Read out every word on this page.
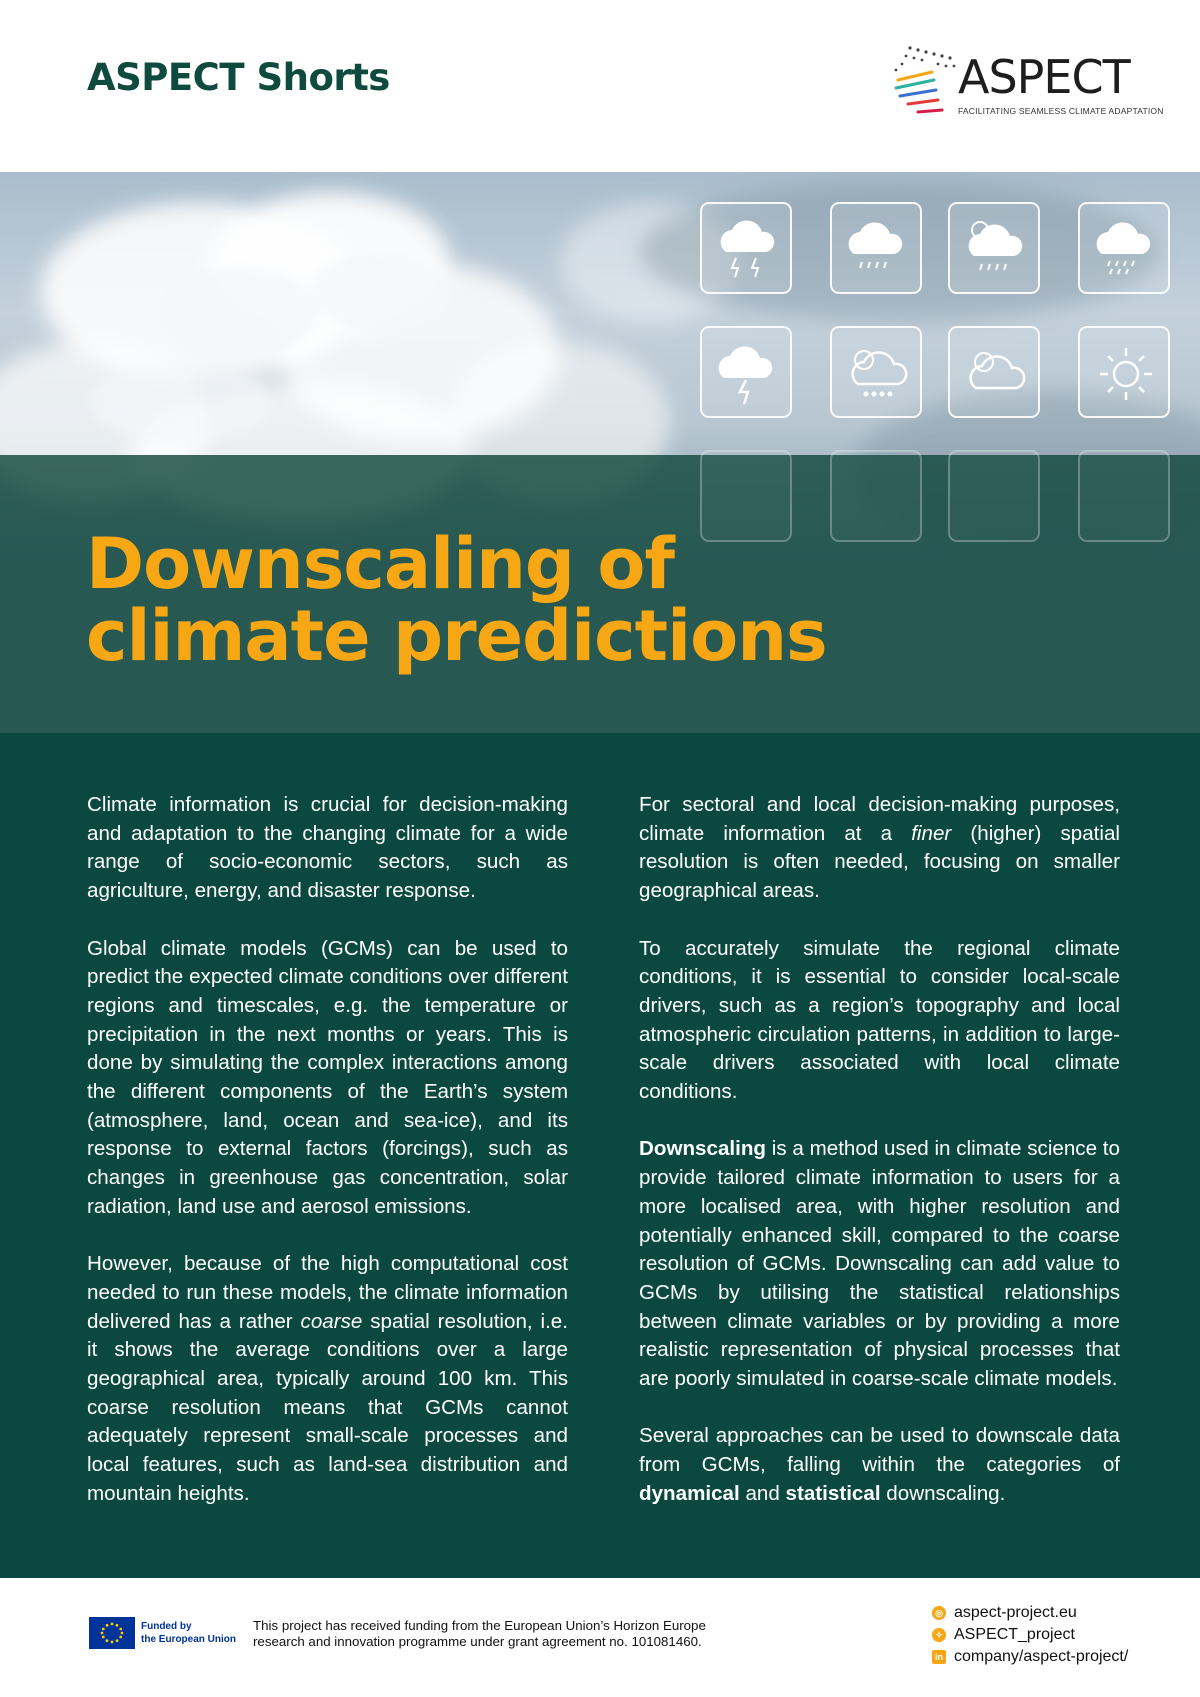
ASPECT Shorts	ASPECT
FACILITATING SEAMLESS CLIMATE ADAPTATION
Downscaling of
climate predictions

Climate information is crucial for decision-making and adaptation to the changing climate for a wide range of socio-economic sectors, such as agriculture, energy, and disaster response.

Global climate models (GCMs) can be used to predict the expected climate conditions over different regions and timescales, e.g. the temperature or precipitation in the next months or years. This is done by simulating the complex interactions among the different components of the Earth’s system (atmosphere, land, ocean and sea-ice), and its response to external factors (forcings), such as changes in greenhouse gas concentration, solar radiation, land use and aerosol emissions.

However, because of the high computational cost needed to run these models, the climate information delivered has a rather coarse spatial resolution, i.e. it shows the average conditions over a large geographical area, typically around 100 km. This coarse resolution means that GCMs cannot adequately represent small-scale processes and local features, such as land-sea distribution and mountain heights.

For sectoral and local decision-making purposes, climate information at a finer (higher) spatial resolution is often needed, focusing on smaller geographical areas.

To accurately simulate the regional climate conditions, it is essential to consider local-scale drivers, such as a region’s topography and local atmospheric circulation patterns, in addition to large-scale drivers associated with local climate conditions.

Downscaling is a method used in climate science to provide tailored climate information to users for a more localised area, with higher resolution and potentially enhanced skill, compared to the coarse resolution of GCMs. Downscaling can add value to GCMs by utilising the statistical relationships between climate variables or by providing a more realistic representation of physical processes that are poorly simulated in coarse-scale climate models.

Several approaches can be used to downscale data from GCMs, falling within the categories of dynamical and statistical downscaling.

Funded by
the European Union
This project has received funding from the European Union’s Horizon Europe
research and innovation programme under grant agreement no. 101081460.
◎ aspect-project.eu
✧ ASPECT_project
in company/aspect-project/
